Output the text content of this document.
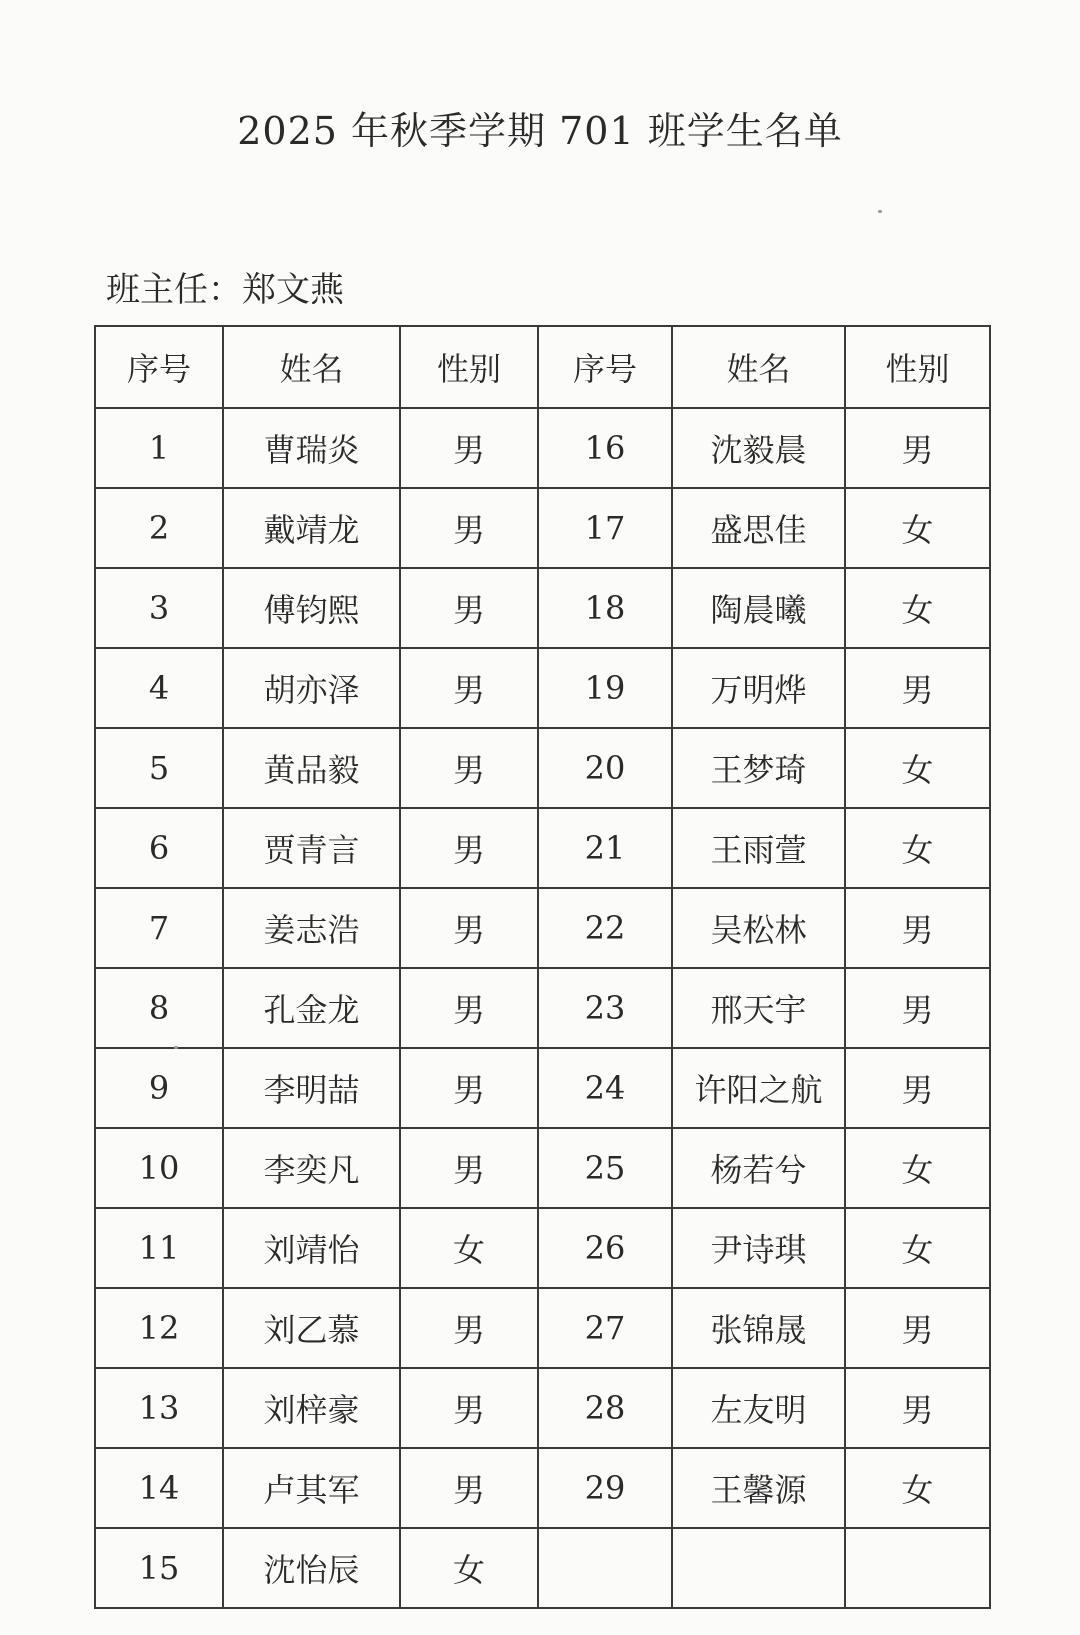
2025 年秋季学期 701 班学生名单
班主任：郑文燕
序号	姓名	性别	序号	姓名	性别
1	曹瑞炎	男	16	沈毅晨	男
2	戴靖龙	男	17	盛思佳	女
3	傅钧熙	男	18	陶晨曦	女
4	胡亦泽	男	19	万明烨	男
5	黄品毅	男	20	王梦琦	女
6	贾青言	男	21	王雨萱	女
7	姜志浩	男	22	吴松林	男
8	孔金龙	男	23	邢天宇	男
9	李明喆	男	24	许阳之航	男
10	李奕凡	男	25	杨若兮	女
11	刘靖怡	女	26	尹诗琪	女
12	刘乙慕	男	27	张锦晟	男
13	刘梓豪	男	28	左友明	男
14	卢其军	男	29	王馨源	女
15	沈怡辰	女			
